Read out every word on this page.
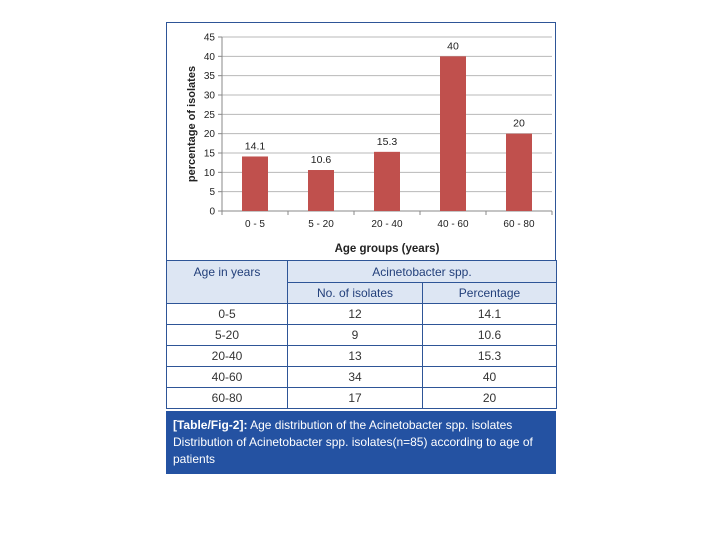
0
5
10
15
20
25
30
35
40
45
14.1
0 - 5
10.6
5 - 20
15.3
20 - 40
40
40 - 60
20
60 - 80
Age groups (years)
percentage of isolates
Age in years	Acinetobacter spp.	
	No. of isolates	Percentage
0-5	12	14.1
5-20	9	10.6
20-40	13	15.3
40-60	34	40
60-80	17	20
[Table/Fig-2]: Age distribution of the Acinetobacter spp. isolates
Distribution of Acinetobacter spp. isolates(n=85) according to age of patients
